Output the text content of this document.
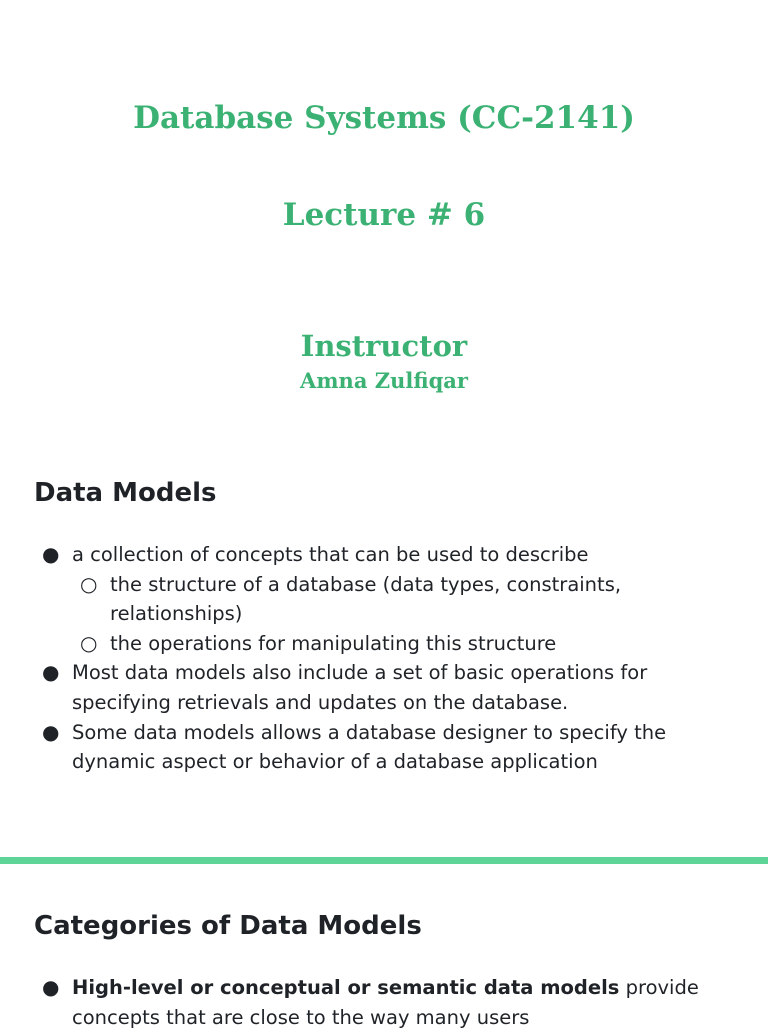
Database Systems (CC-2141)
Lecture # 6
Instructor
Amna Zulfiqar
Data Models
● a collection of concepts that can be used to describe
○ the structure of a database (data types, constraints, relationships)
○ the operations for manipulating this structure
● Most data models also include a set of basic operations for specifying retrievals and updates on the database.
● Some data models allows a database designer to specify the dynamic aspect or behavior of a database application
Categories of Data Models
● High-level or conceptual or semantic data models provide concepts that are close to the way many users
